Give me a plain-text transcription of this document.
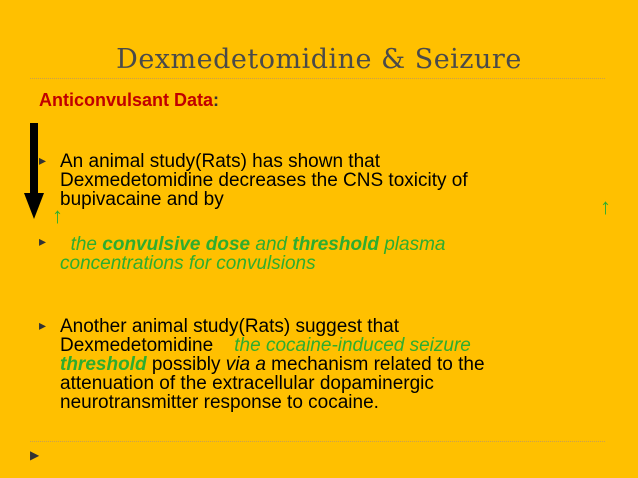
Dexmedetomidine & Seizure
Anticonvulsant Data:
▸ An animal study(Rats) has shown that
Dexmedetomidine decreases the CNS toxicity of
bupivacaine and by
↑	↑
▸	the convulsive dose and threshold plasma
concentrations for convulsions
▸ Another animal study(Rats) suggest that
Dexmedetomidine the cocaine-induced seizure
threshold possibly via a mechanism related to the
attenuation of the extracellular dopaminergic
neurotransmitter response to cocaine.
▶
